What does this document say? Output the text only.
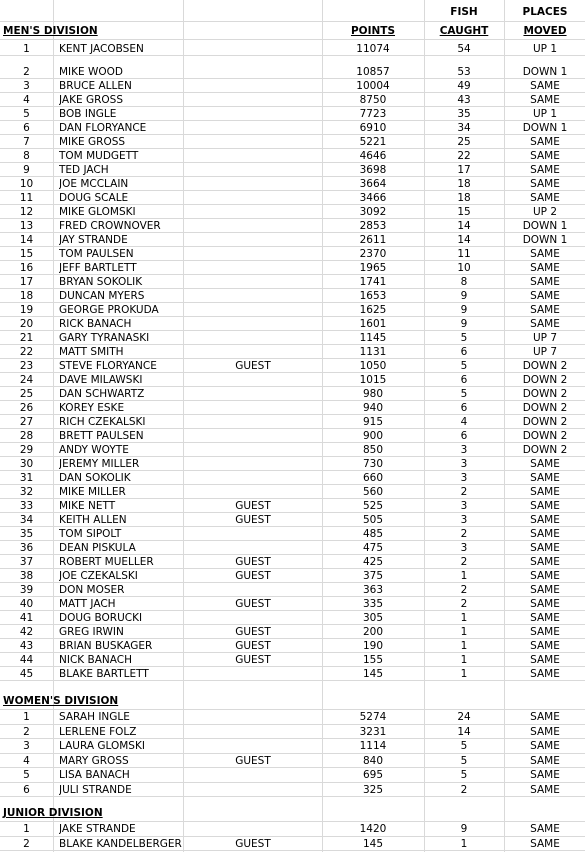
FISH	PLACES
MEN'S DIVISION	POINTS	CAUGHT	MOVED
1	KENT JACOBSEN	11074	54	UP 1
2	MIKE WOOD	10857	53	DOWN 1
3	BRUCE ALLEN	10004	49	SAME
4	JAKE GROSS	8750	43	SAME
5	BOB INGLE	7723	35	UP 1
6	DAN FLORYANCE	6910	34	DOWN 1
7	MIKE GROSS	5221	25	SAME
8	TOM MUDGETT	4646	22	SAME
9	TED JACH	3698	17	SAME
10	JOE MCCLAIN	3664	18	SAME
11	DOUG SCALE	3466	18	SAME
12	MIKE GLOMSKI	3092	15	UP 2
13	FRED CROWNOVER	2853	14	DOWN 1
14	JAY STRANDE	2611	14	DOWN 1
15	TOM PAULSEN	2370	11	SAME
16	JEFF BARTLETT	1965	10	SAME
17	BRYAN SOKOLIK	1741	8	SAME
18	DUNCAN MYERS	1653	9	SAME
19	GEORGE PROKUDA	1625	9	SAME
20	RICK BANACH	1601	9	SAME
21	GARY TYRANASKI	1145	5	UP 7
22	MATT SMITH	1131	6	UP 7
23	STEVE FLORYANCE	GUEST	1050	5	DOWN 2
24	DAVE MILAWSKI	1015	6	DOWN 2
25	DAN SCHWARTZ	980	5	DOWN 2
26	KOREY ESKE	940	6	DOWN 2
27	RICH CZEKALSKI	915	4	DOWN 2
28	BRETT PAULSEN	900	6	DOWN 2
29	ANDY WOYTE	850	3	DOWN 2
30	JEREMY MILLER	730	3	SAME
31	DAN SOKOLIK	660	3	SAME
32	MIKE MILLER	560	2	SAME
33	MIKE NETT	GUEST	525	3	SAME
34	KEITH ALLEN	GUEST	505	3	SAME
35	TOM SIPOLT	485	2	SAME
36	DEAN PISKULA	475	3	SAME
37	ROBERT MUELLER	GUEST	425	2	SAME
38	JOE CZEKALSKI	GUEST	375	1	SAME
39	DON MOSER	363	2	SAME
40	MATT JACH	GUEST	335	2	SAME
41	DOUG BORUCKI	305	1	SAME
42	GREG IRWIN	GUEST	200	1	SAME
43	BRIAN BUSKAGER	GUEST	190	1	SAME
44	NICK BANACH	GUEST	155	1	SAME
45	BLAKE BARTLETT	145	1	SAME
WOMEN'S DIVISION
1	SARAH INGLE	5274	24	SAME
2	LERLENE FOLZ	3231	14	SAME
3	LAURA GLOMSKI	1114	5	SAME
4	MARY GROSS	GUEST	840	5	SAME
5	LISA BANACH	695	5	SAME
6	JULI STRANDE	325	2	SAME
JUNIOR DIVISION
1	JAKE STRANDE	1420	9	SAME
2	BLAKE KANDELBERGER	GUEST	145	1	SAME
